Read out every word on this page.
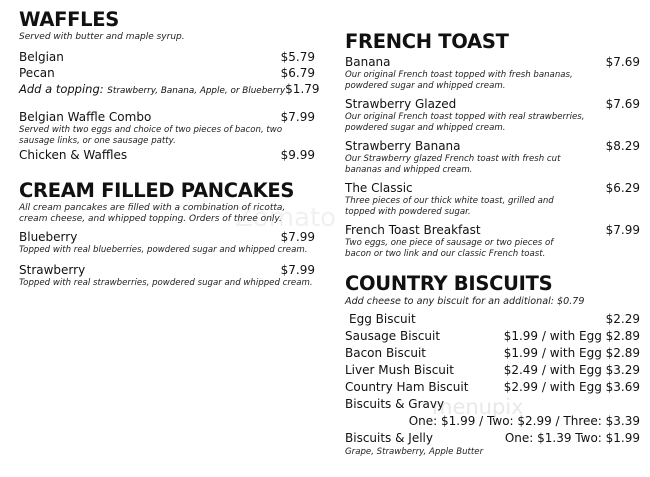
Zomato
menupix
WAFFLES
Served with butter and maple syrup.
Belgian	$5.79
Pecan	$6.79
Add a topping: Strawberry, Banana, Apple, or Blueberry $1.79
Belgian Waffle Combo	$7.99
Served with two eggs and choice of two pieces of bacon, two sausage links, or one sausage patty.
Chicken & Waffles	$9.99
CREAM FILLED PANCAKES
All cream pancakes are filled with a combination of ricotta, cream cheese, and whipped topping. Orders of three only.
Blueberry	$7.99
Topped with real blueberries, powdered sugar and whipped cream.
Strawberry	$7.99
Topped with real strawberries, powdered sugar and whipped cream.
FRENCH TOAST
Banana	$7.69
Our original French toast topped with fresh bananas, powdered sugar and whipped cream.
Strawberry Glazed	$7.69
Our original French toast topped with real strawberries, powdered sugar and whipped cream.
Strawberry Banana	$8.29
Our Strawberry glazed French toast with fresh cut bananas and whipped cream.
The Classic	$6.29
Three pieces of our thick white toast, grilled and topped with powdered sugar.
French Toast Breakfast	$7.99
Two eggs, one piece of sausage or two pieces of bacon or two link and our classic French toast.
COUNTRY BISCUITS
Add cheese to any biscuit for an additional: $0.79
Egg Biscuit	$2.29
Sausage Biscuit	$1.99 / with Egg $2.89
Bacon Biscuit	$1.99 / with Egg $2.89
Liver Mush Biscuit	$2.49 / with Egg $3.29
Country Ham Biscuit	$2.99 / with Egg $3.69
Biscuits & Gravy
One: $1.99 / Two: $2.99 / Three: $3.39
Biscuits & Jelly	One: $1.39 Two: $1.99
Grape, Strawberry, Apple Butter
